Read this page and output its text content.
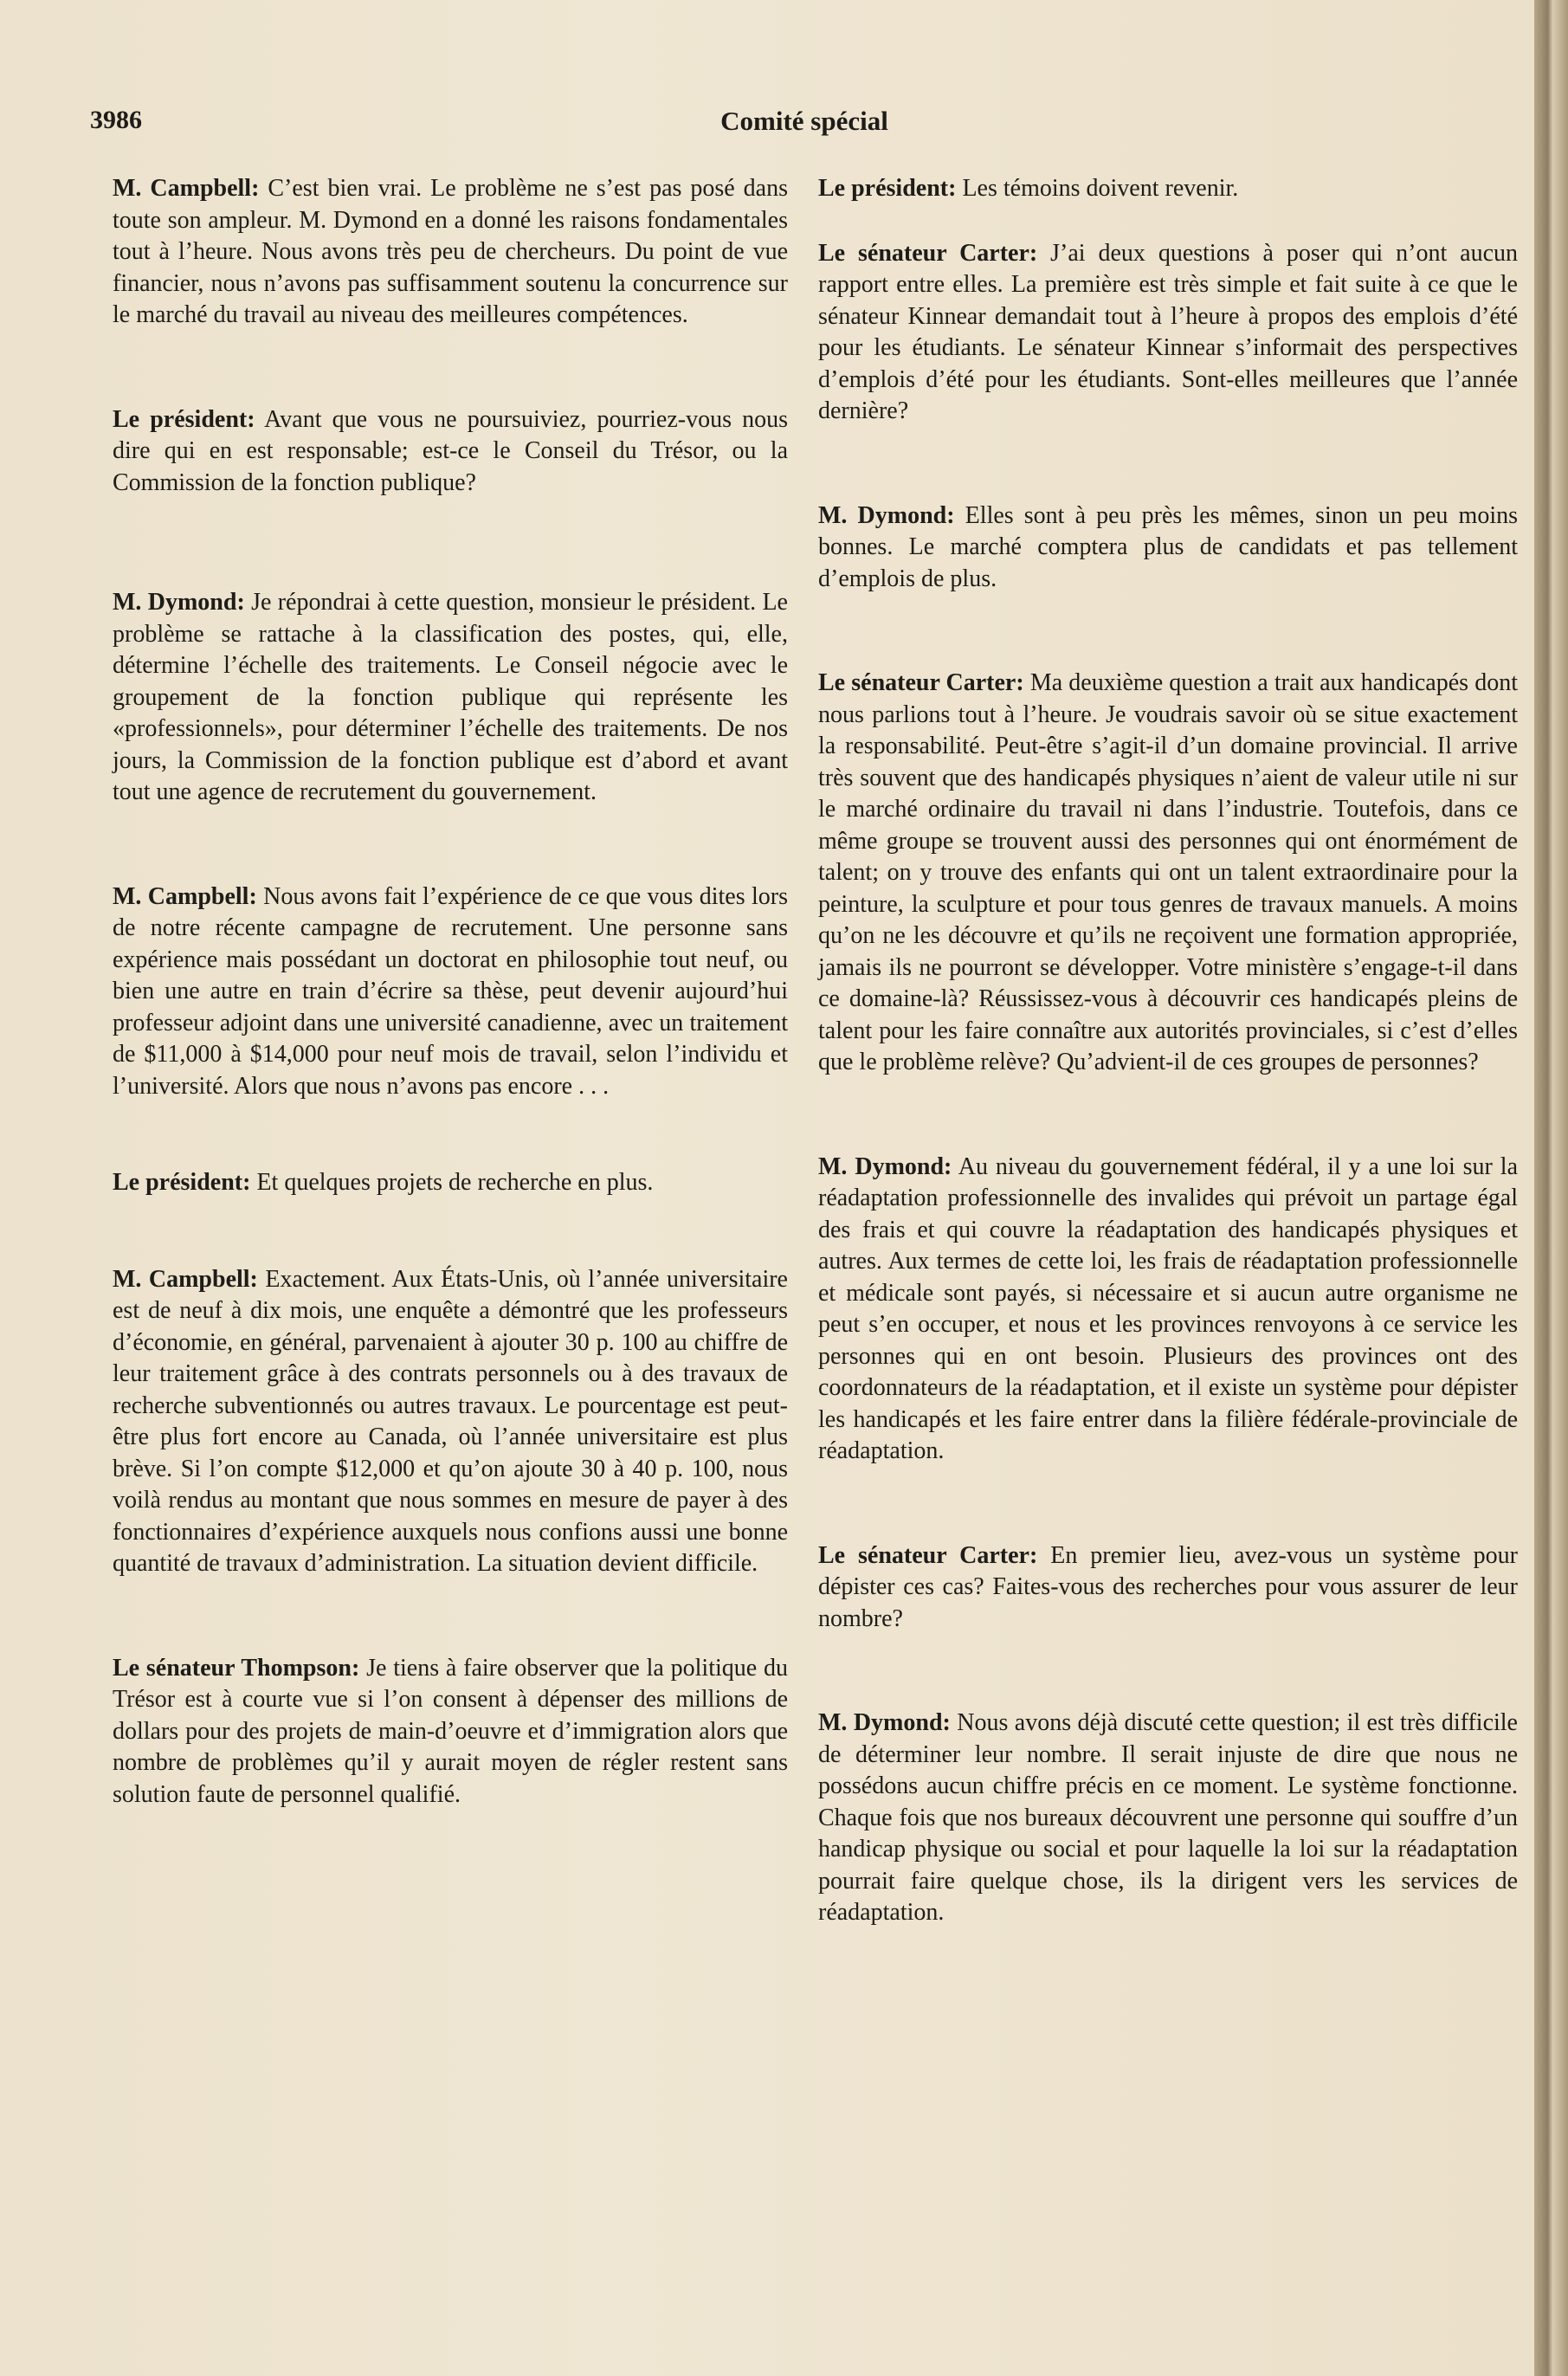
3986	Comité spécial

M. Campbell: C’est bien vrai. Le problème ne s’est pas posé dans toute son ampleur. M. Dymond en a donné les raisons fondamentales tout à l’heure. Nous avons très peu de chercheurs. Du point de vue financier, nous n’avons pas suffisamment soutenu la concurrence sur le marché du travail au niveau des meilleures compétences.

Le président: Avant que vous ne poursuiviez, pourriez-vous nous dire qui en est responsable; est-ce le Conseil du Trésor, ou la Commission de la fonction publique?

M. Dymond: Je répondrai à cette question, monsieur le président. Le problème se rattache à la classification des postes, qui, elle, détermine l’échelle des traitements. Le Conseil négocie avec le groupement de la fonction publique qui représente les «professionnels», pour déterminer l’échelle des traitements. De nos jours, la Commission de la fonction publique est d’abord et avant tout une agence de recrutement du gouvernement.

M. Campbell: Nous avons fait l’expérience de ce que vous dites lors de notre récente campagne de recrutement. Une personne sans expérience mais possédant un doctorat en philosophie tout neuf, ou bien une autre en train d’écrire sa thèse, peut devenir aujourd’hui professeur adjoint dans une université canadienne, avec un traitement de $11,000 à $14,000 pour neuf mois de travail, selon l’individu et l’université. Alors que nous n’avons pas encore . . .

Le président: Et quelques projets de recherche en plus.

M. Campbell: Exactement. Aux États-Unis, où l’année universitaire est de neuf à dix mois, une enquête a démontré que les professeurs d’économie, en général, parvenaient à ajouter 30 p. 100 au chiffre de leur traitement grâce à des contrats personnels ou à des travaux de recherche subventionnés ou autres travaux. Le pourcentage est peut-être plus fort encore au Canada, où l’année universitaire est plus brève. Si l’on compte $12,000 et qu’on ajoute 30 à 40 p. 100, nous voilà rendus au montant que nous sommes en mesure de payer à des fonctionnaires d’expérience auxquels nous confions aussi une bonne quantité de travaux d’administration. La situation devient difficile.

Le sénateur Thompson: Je tiens à faire observer que la politique du Trésor est à courte vue si l’on consent à dépenser des millions de dollars pour des projets de main-d’oeuvre et d’immigration alors que nombre de problèmes qu’il y aurait moyen de régler restent sans solution faute de personnel qualifié.

Le président: Les témoins doivent revenir.

Le sénateur Carter: J’ai deux questions à poser qui n’ont aucun rapport entre elles. La première est très simple et fait suite à ce que le sénateur Kinnear demandait tout à l’heure à propos des emplois d’été pour les étudiants. Le sénateur Kinnear s’informait des perspectives d’emplois d’été pour les étudiants. Sont-elles meilleures que l’année dernière?

M. Dymond: Elles sont à peu près les mêmes, sinon un peu moins bonnes. Le marché comptera plus de candidats et pas tellement d’emplois de plus.

Le sénateur Carter: Ma deuxième question a trait aux handicapés dont nous parlions tout à l’heure. Je voudrais savoir où se situe exactement la responsabilité. Peut-être s’agit-il d’un domaine provincial. Il arrive très souvent que des handicapés physiques n’aient de valeur utile ni sur le marché ordinaire du travail ni dans l’industrie. Toutefois, dans ce même groupe se trouvent aussi des personnes qui ont énormément de talent; on y trouve des enfants qui ont un talent extraordinaire pour la peinture, la sculpture et pour tous genres de travaux manuels. A moins qu’on ne les découvre et qu’ils ne reçoivent une formation appropriée, jamais ils ne pourront se développer. Votre ministère s’engage-t-il dans ce domaine-là? Réussissez-vous à découvrir ces handicapés pleins de talent pour les faire connaître aux autorités provinciales, si c’est d’elles que le problème relève? Qu’advient-il de ces groupes de personnes?

M. Dymond: Au niveau du gouvernement fédéral, il y a une loi sur la réadaptation professionnelle des invalides qui prévoit un partage égal des frais et qui couvre la réadaptation des handicapés physiques et autres. Aux termes de cette loi, les frais de réadaptation professionnelle et médicale sont payés, si nécessaire et si aucun autre organisme ne peut s’en occuper, et nous et les provinces renvoyons à ce service les personnes qui en ont besoin. Plusieurs des provinces ont des coordonnateurs de la réadaptation, et il existe un système pour dépister les handicapés et les faire entrer dans la filière fédérale-provinciale de réadaptation.

Le sénateur Carter: En premier lieu, avez-vous un système pour dépister ces cas? Faites-vous des recherches pour vous assurer de leur nombre?

M. Dymond: Nous avons déjà discuté cette question; il est très difficile de déterminer leur nombre. Il serait injuste de dire que nous ne possédons aucun chiffre précis en ce moment. Le système fonctionne. Chaque fois que nos bureaux découvrent une personne qui souffre d’un handicap physique ou social et pour laquelle la loi sur la réadaptation pourrait faire quelque chose, ils la dirigent vers les services de réadaptation.
